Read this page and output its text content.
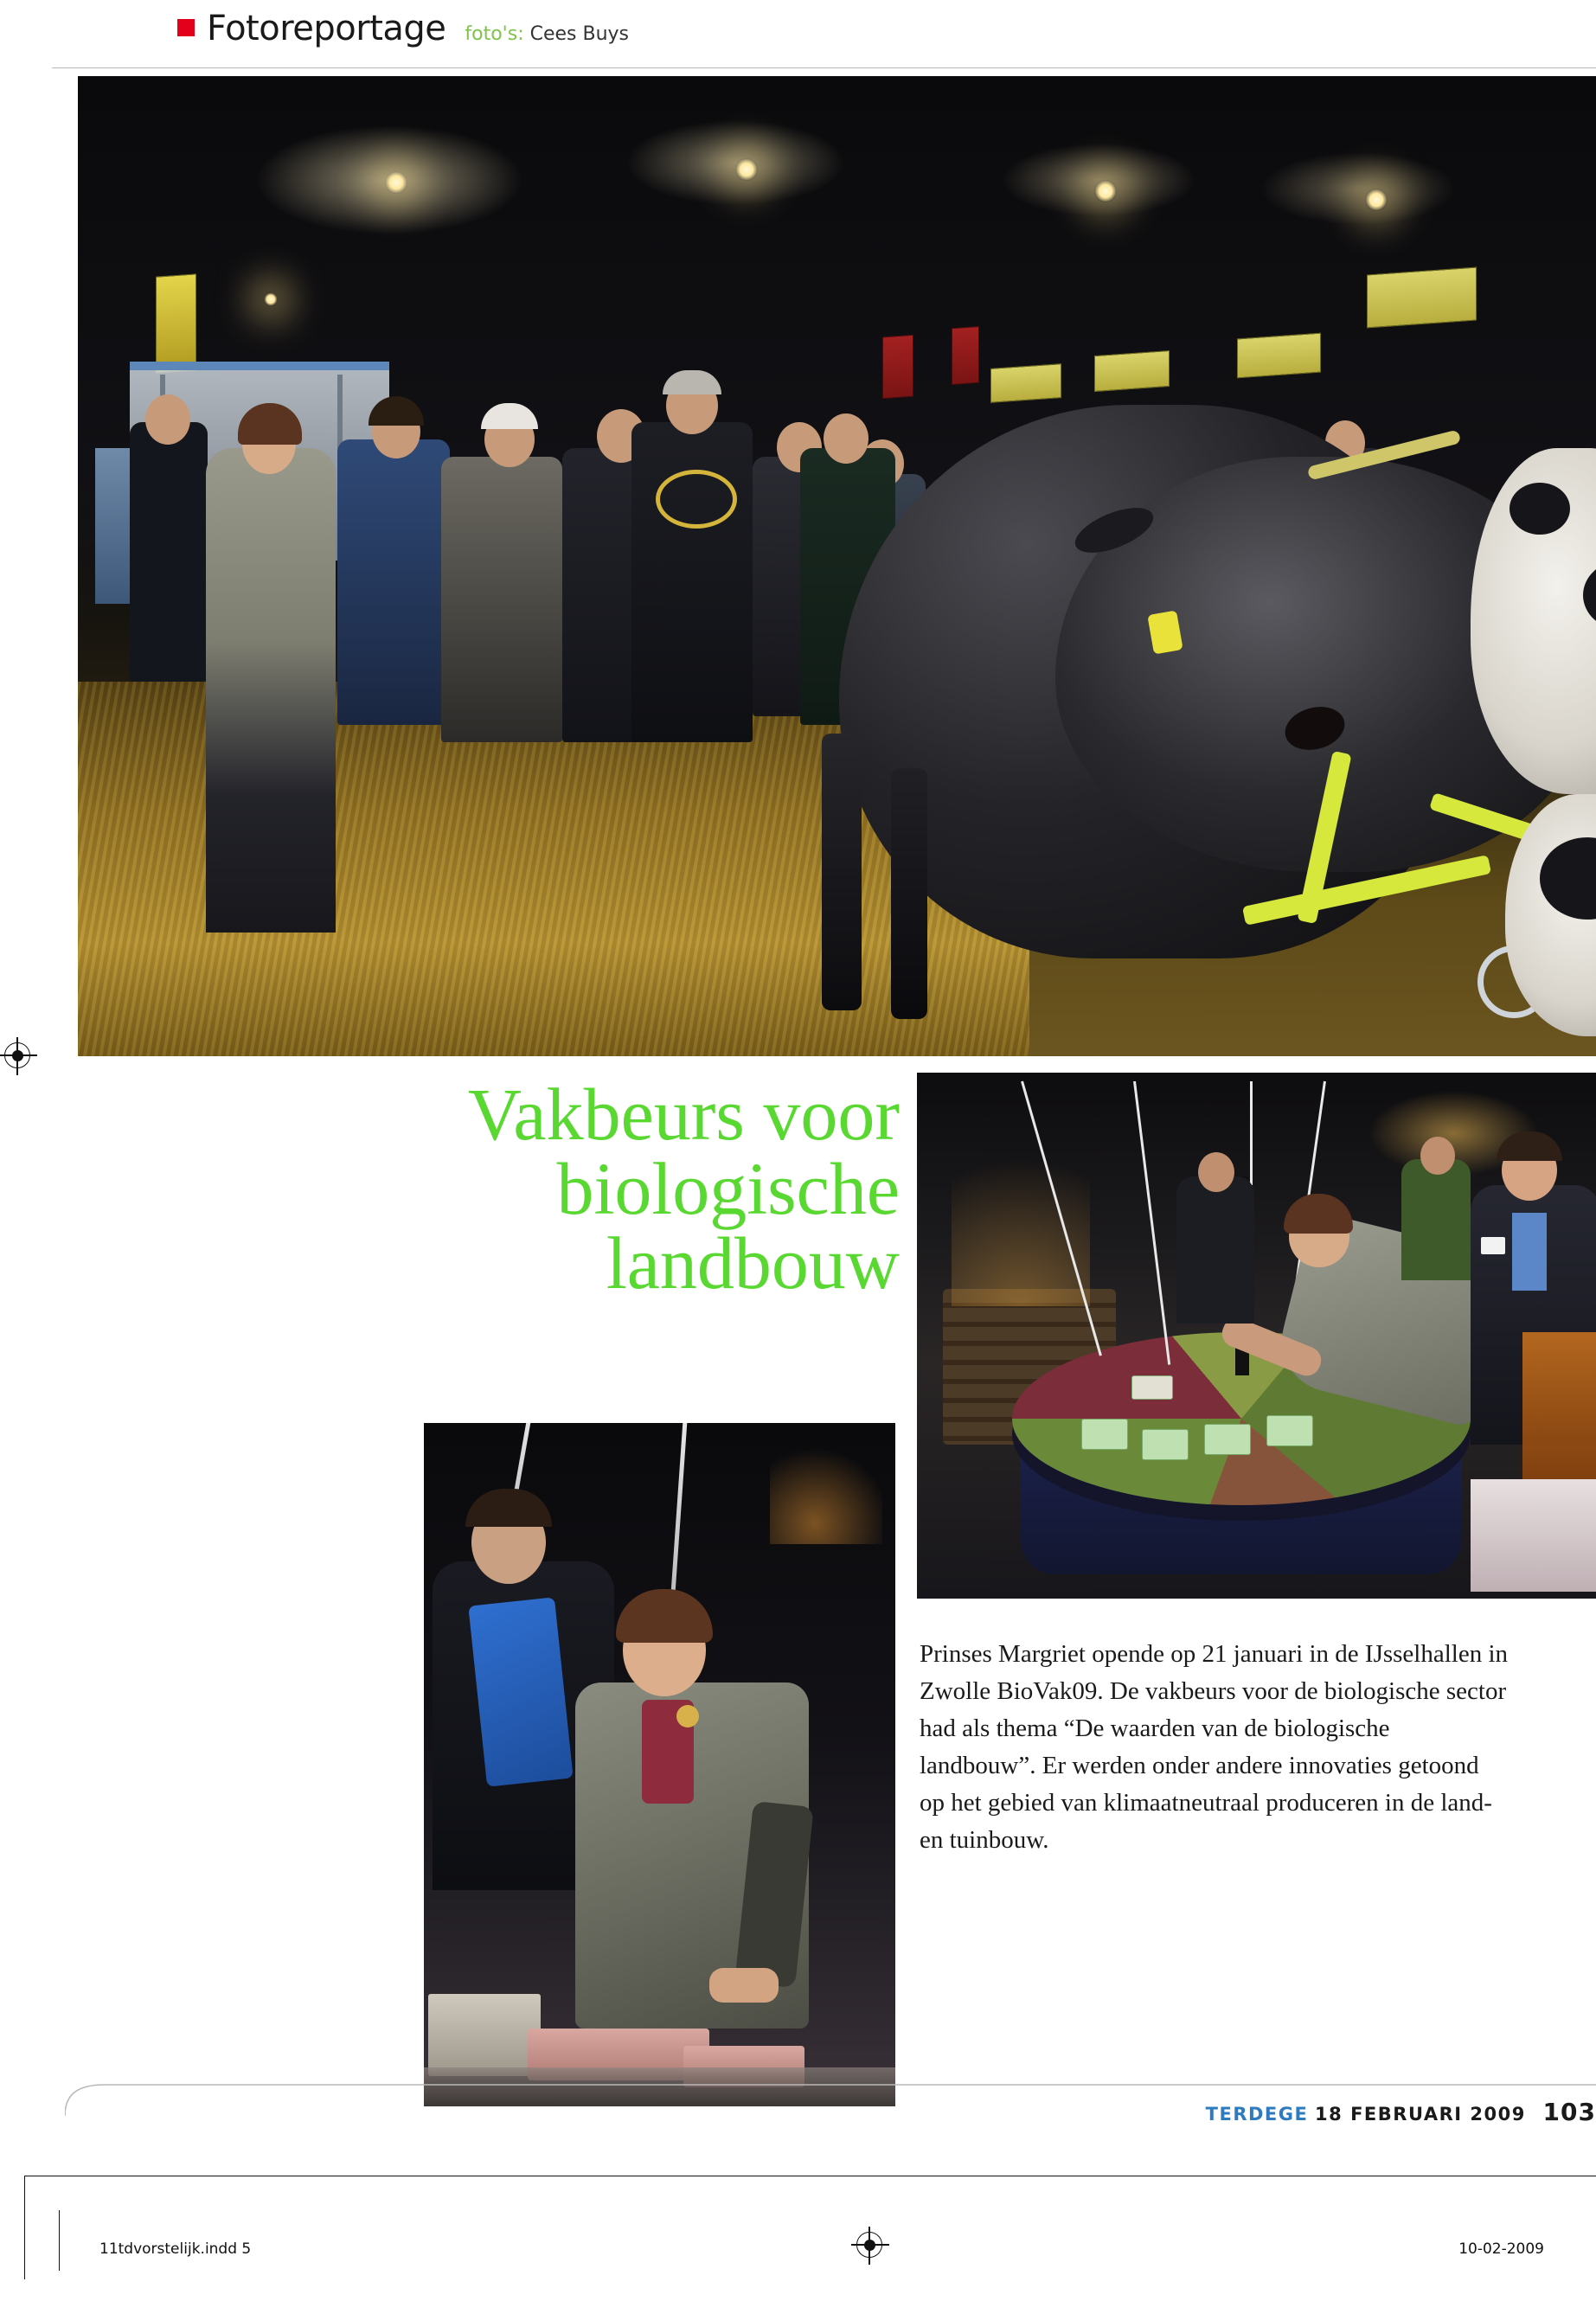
Fotoreportage foto's: Cees Buys
Vakbeurs voor
biologische
landbouw

Prinses Margriet opende op 21 januari in de IJsselhallen in Zwolle BioVak09. De vakbeurs voor de biologische sector had als thema “De waarden van de biologische landbouw”. Er werden onder andere innovaties getoond op het gebied van klimaatneutraal produceren in de land- en tuinbouw.

TERDEGE 18 FEBRUARI 2009 103
11tdvorstelijk.indd 5	10-02-2009
